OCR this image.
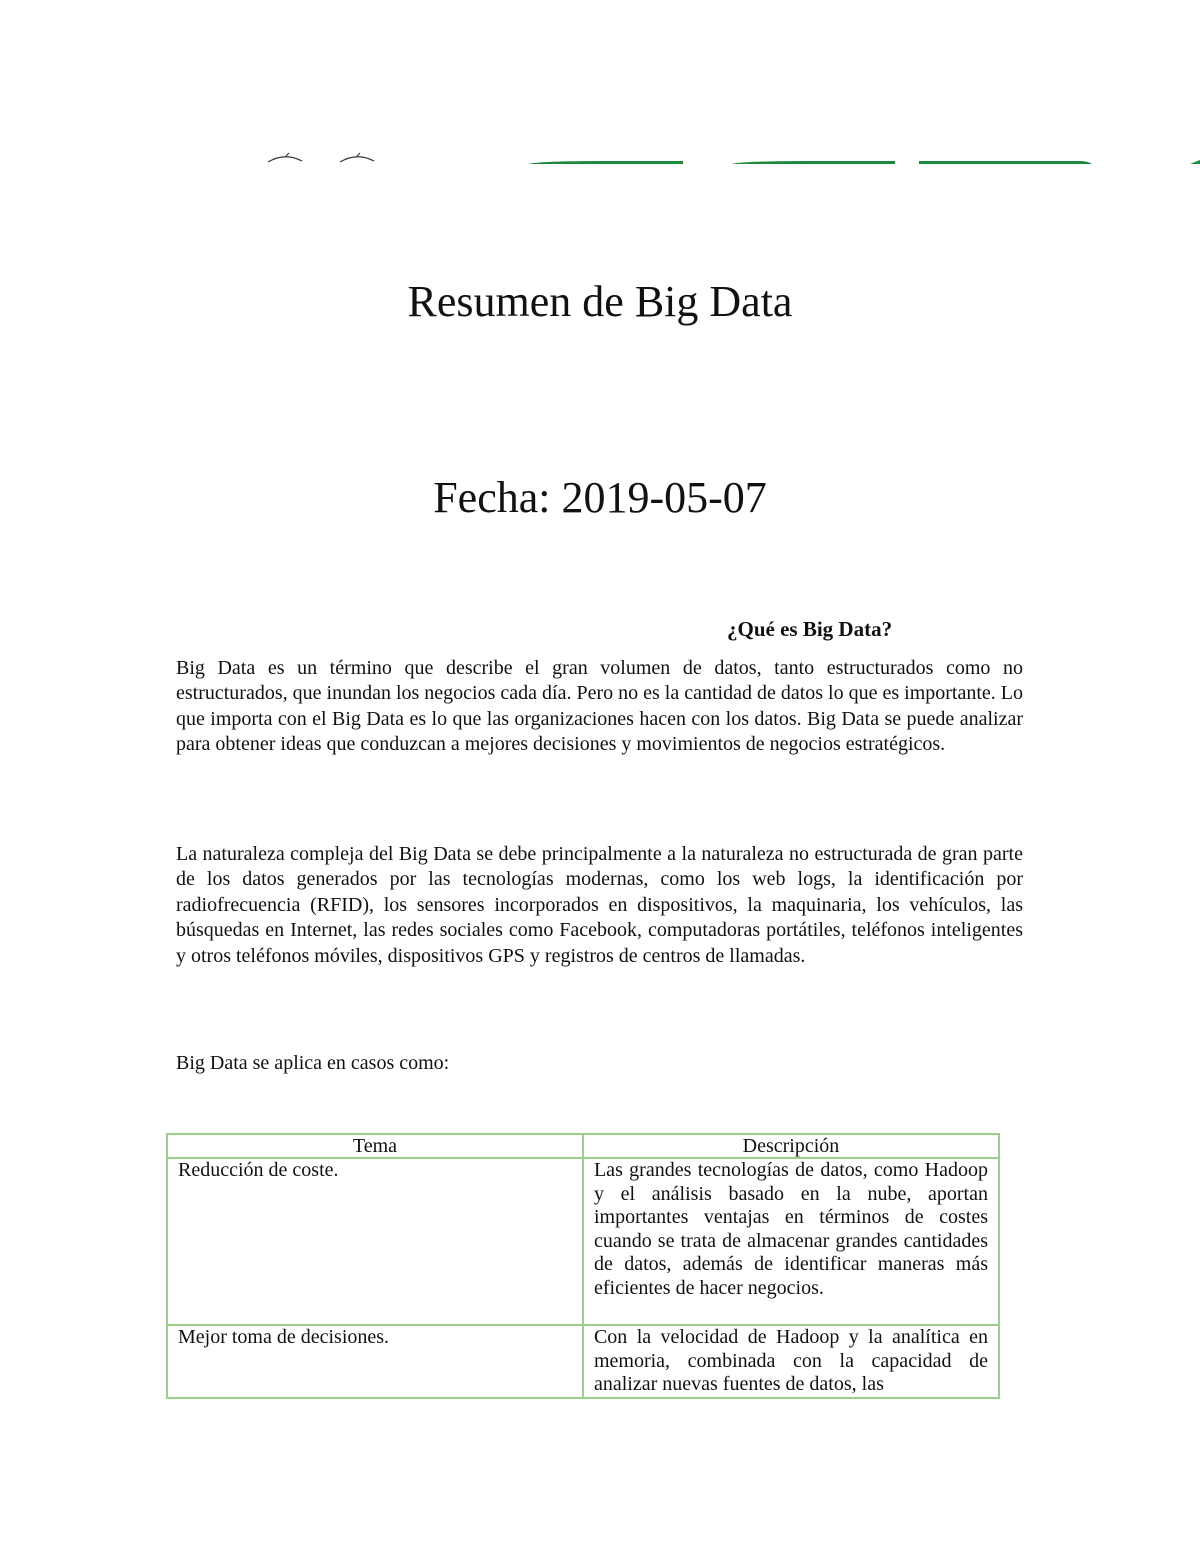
Resumen de Big Data
Fecha: 2019-05-07
¿Qué es Big Data?

Big Data es un término que describe el gran volumen de datos, tanto estructurados como no estructurados, que inundan los negocios cada día. Pero no es la cantidad de datos lo que es importante. Lo que importa con el Big Data es lo que las organizaciones hacen con los datos. Big Data se puede analizar para obtener ideas que conduzcan a mejores decisiones y movimientos de negocios estratégicos.

La naturaleza compleja del Big Data se debe principalmente a la naturaleza no estructurada de gran parte de los datos generados por las tecnologías modernas, como los web logs, la identificación por radiofrecuencia (RFID), los sensores incorporados en dispositivos, la maquinaria, los vehículos, las búsquedas en Internet, las redes sociales como Facebook, computadoras portátiles, teléfonos inteligentes y otros teléfonos móviles, dispositivos GPS y registros de centros de llamadas.

Big Data se aplica en casos como:

Tema	Descripción
Reducción de coste.	Las grandes tecnologías de datos, como Hadoop y el análisis basado en la nube, aportan importantes ventajas en términos de costes cuando se trata de almacenar grandes cantidades de datos, además de identificar maneras más eficientes de hacer negocios.
Mejor toma de decisiones.	Con la velocidad de Hadoop y la analítica en memoria, combinada con la capacidad de analizar nuevas fuentes de datos, las
